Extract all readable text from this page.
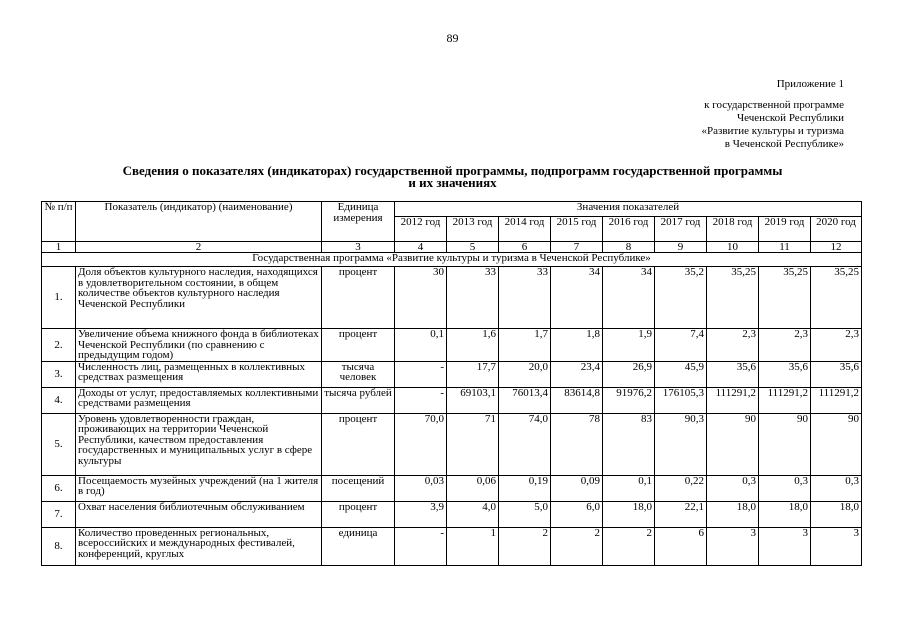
89
Приложение 1
к государственной программе
Чеченской Республики
«Развитие культуры и туризма
в Чеченской Республике»
Сведения о показателях (индикаторах) государственной программы, подпрограмм государственной программы
и их значениях
№ п/п	Показатель (индикатор) (наименование)	Единица измерения	Значения показателей								
			2012 год	2013 год	2014 год	2015 год	2016 год	2017 год	2018 год	2019 год	2020 год
1	2	3	4	5	6	7	8	9	10	11	12
Государственная программа «Развитие культуры и туризма в Чеченской Республике»											
1.	Доля объектов культурного наследия, находящихся в удовлетворительном состоянии, в общем количестве объектов культурного наследия Чеченской Республики	процент	30	33	33	34	34	35,2	35,25	35,25	35,25
2.	Увеличение объема книжного фонда в библиотеках Чеченской Республики (по сравнению с предыдущим годом)	процент	0,1	1,6	1,7	1,8	1,9	7,4	2,3	2,3	2,3
3.	Численность лиц, размещенных в коллективных средствах размещения	тысяча человек	-	17,7	20,0	23,4	26,9	45,9	35,6	35,6	35,6
4.	Доходы от услуг, предоставляемых коллективными средствами размещения	тысяча рублей	-	69103,1	76013,4	83614,8	91976,2	176105,3	111291,2	111291,2	111291,2
5.	Уровень удовлетворенности граждан, проживающих на территории Чеченской Республики, качеством предоставления государственных и муниципальных услуг в сфере культуры	процент	70,0	71	74,0	78	83	90,3	90	90	90
6.	Посещаемость музейных учреждений (на 1 жителя в год)	посещений	0,03	0,06	0,19	0,09	0,1	0,22	0,3	0,3	0,3
7.	Охват населения библиотечным обслуживанием	процент	3,9	4,0	5,0	6,0	18,0	22,1	18,0	18,0	18,0
8.	Количество проведенных региональных, всероссийских и международных фестивалей, конференций, круглых	единица	-	1	2	2	2	6	3	3	3
